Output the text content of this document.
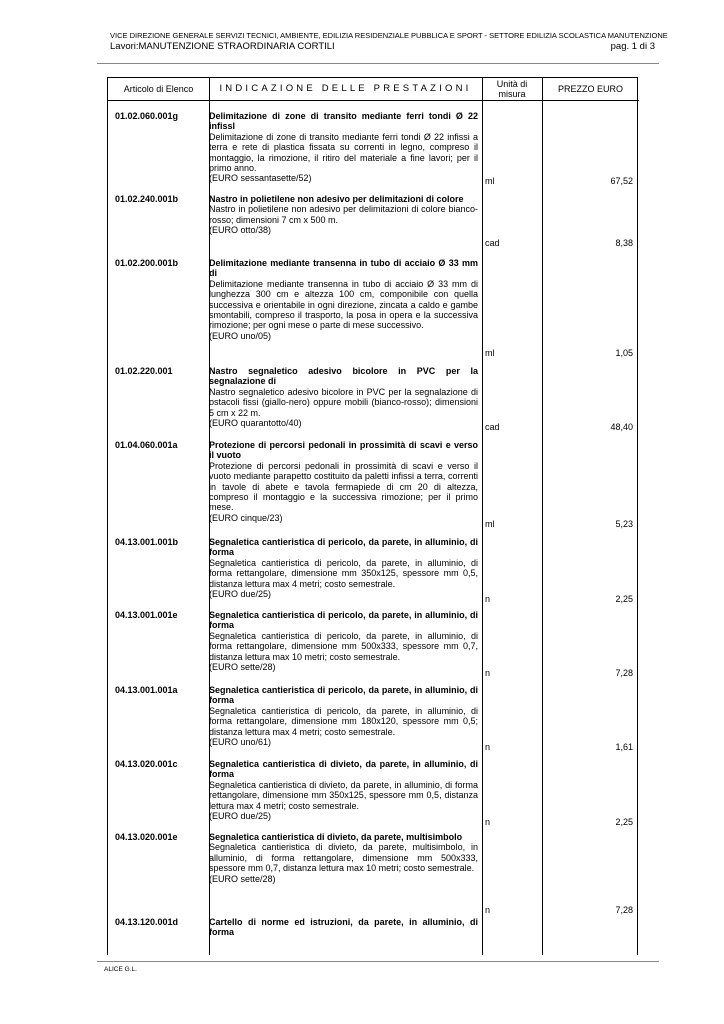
VICE DIREZIONE GENERALE SERVIZI TECNICI, AMBIENTE, EDILIZIA RESIDENZIALE PUBBLICA E SPORT - SETTORE EDILIZIA SCOLASTICA MANUTENZIONE
Lavori:MANUTENZIONE STRAORDINARIA CORTILI	pag. 1 di 3
Articolo di Elenco	INDICAZIONE DELLE PRESTAZIONI	Unità di misura	PREZZO EURO
01.02.060.001g	Delimitazione di zone di transito mediante ferri tondi Ø 22 infissl
Delimitazione di zone di transito mediante ferri tondi Ø 22 infissi a terra e rete di plastica fissata su correnti in legno, compreso il montaggio, la rimozione, il ritiro del materiale a fine lavori; per il primo anno.
(EURO sessantasette/52)	ml	67,52
01.02.240.001b	Nastro in polietilene non adesivo per delimitazioni di colore
Nastro in polietilene non adesivo per delimitazioni di colore bianco-rosso; dimensioni 7 cm x 500 m.
(EURO otto/38)
cad	8,38
01.02.200.001b	Delimitazione mediante transenna in tubo di acciaio Ø 33 mm di
Delimitazione mediante transenna in tubo di acciaio Ø 33 mm di lunghezza 300 cm e altezza 100 cm, componibile con quella successiva e orientabile in ogni direzione, zincata a caldo e gambe smontabili, compreso il trasporto, la posa in opera e la successiva rimozione; per ogni mese o parte di mese successivo.
(EURO uno/05)
ml	1,05
01.02.220.001	Nastro segnaletico adesivo bicolore in PVC per la segnalazione di
Nastro segnaletico adesivo bicolore in PVC per la segnalazione di ostacoli fissi (giallo-nero) oppure mobili (bianco-rosso); dimensioni 5 cm x 22 m.
(EURO quarantotto/40)	cad	48,40
01.04.060.001a	Protezione di percorsi pedonali in prossimità di scavi e verso il vuoto
Protezione di percorsi pedonali in prossimità di scavi e verso il vuoto mediante parapetto costituito da paletti infissi a terra, correnti in tavole di abete e tavola fermapiede di cm 20 di altezza, compreso il montaggio e la successiva rimozione; per il primo mese.
(EURO cinque/23)
ml	5,23
04.13.001.001b	Segnaletica cantieristica di pericolo, da parete, in alluminio, di forma
Segnaletica cantieristica di pericolo, da parete, in alluminio, di forma rettangolare, dimensione mm 350x125, spessore mm 0,5, distanza lettura max 4 metri; costo semestrale.
(EURO due/25)	n	2,25
04.13.001.001e	Segnaletica cantieristica di pericolo, da parete, in alluminio, di forma
Segnaletica cantieristica di pericolo, da parete, in alluminio, di forma rettangolare, dimensione mm 500x333, spessore mm 0,7, distanza lettura max 10 metri; costo semestrale.
(EURO sette/28)
n	7,28
04.13.001.001a	Segnaletica cantieristica di pericolo, da parete, in alluminio, di forma
Segnaletica cantieristica di pericolo, da parete, in alluminio, di forma rettangolare, dimensione mm 180x120, spessore mm 0,5; distanza lettura max 4 metri; costo semestrale.
(EURO uno/61)	n	1,61
04.13.020.001c	Segnaletica cantieristica di divieto, da parete, in alluminio, di forma
Segnaletica cantieristica di divieto, da parete, in alluminio, di forma rettangolare, dimensione mm 350x125, spessore mm 0,5, distanza lettura max 4 metri; costo semestrale.
(EURO due/25)
n	2,25
04.13.020.001e	Segnaletica cantieristica di divieto, da parete, multisimbolo
Segnaletica cantieristica di divieto, da parete, multisimbolo, in alluminio, di forma rettangolare, dimensione mm 500x333, spessore mm 0,7, distanza lettura max 10 metri; costo semestrale.
(EURO sette/28)
n	7,28
04.13.120.001d	Cartello di norme ed istruzioni, da parete, in alluminio, di forma
ALICE G.L.
